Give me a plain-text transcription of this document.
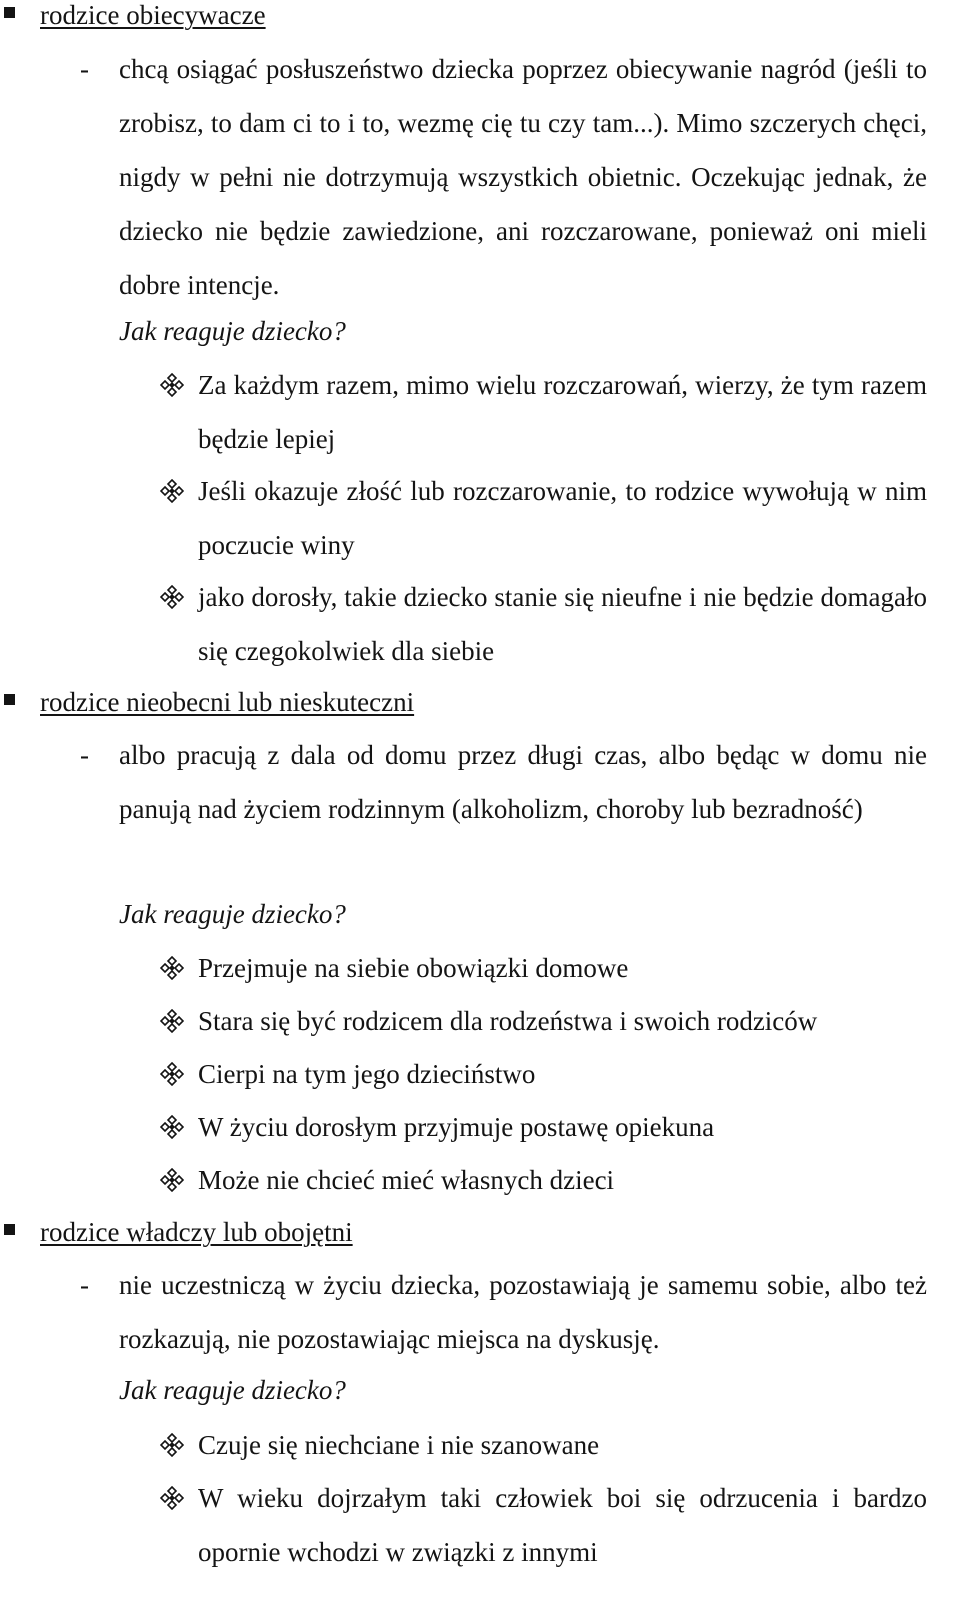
rodzice obiecywacze
- chcą osiągać posłuszeństwo dziecka poprzez obiecywanie nagród (jeśli to zrobisz, to dam ci to i to, wezmę cię tu czy tam...). Mimo szczerych chęci, nigdy w pełni nie dotrzymują wszystkich obietnic. Oczekując jednak, że dziecko nie będzie zawiedzione, ani rozczarowane, ponieważ oni mieli dobre intencje.
Jak reaguje dziecko?
Za każdym razem, mimo wielu rozczarowań, wierzy, że tym razem będzie lepiej
Jeśli okazuje złość lub rozczarowanie, to rodzice wywołują w nim poczucie winy
jako dorosły, takie dziecko stanie się nieufne i nie będzie domagało się czegokolwiek dla siebie
rodzice nieobecni lub nieskuteczni
- albo pracują z dala od domu przez długi czas, albo będąc w domu nie panują nad życiem rodzinnym (alkoholizm, choroby lub bezradność)
Jak reaguje dziecko?
Przejmuje na siebie obowiązki domowe
Stara się być rodzicem dla rodzeństwa i swoich rodziców
Cierpi na tym jego dzieciństwo
W życiu dorosłym przyjmuje postawę opiekuna
Może nie chcieć mieć własnych dzieci
rodzice władczy lub obojętni
- nie uczestniczą w życiu dziecka, pozostawiają je samemu sobie, albo też rozkazują, nie pozostawiając miejsca na dyskusję.
Jak reaguje dziecko?
Czuje się niechciane i nie szanowane
W wieku dojrzałym taki człowiek boi się odrzucenia i bardzo opornie wchodzi w związki z innymi
